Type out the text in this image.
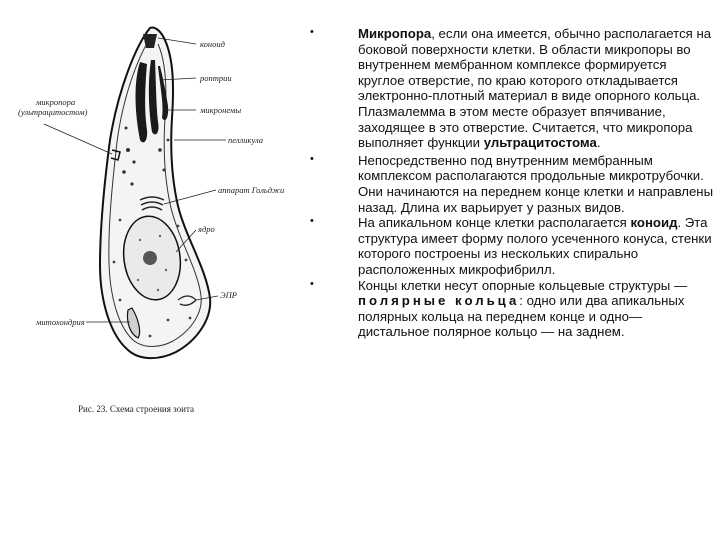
коноид
роптрии
микропора
(ультрацитостом)	микронемы
пелликула
аппарат Гольджи
ядро
ЭПР
митохондрия
Рис. 23. Схема строения зоита
•	Микропора, если она имеется, обычно располагается на боковой поверхности клетки. В области микропоры во внутреннем мембранном комплексе формируется круглое отверстие, по краю которого откладывается электронно-плотный материал в виде опорного кольца. Плазмалемма в этом месте образует впячивание, заходящее в это отверстие. Считается, что микропора выполняет функции ультрацитостома.
•	Непосредственно под внутренним мембранным комплексом располагаются продольные микротрубочки. Они начинаются на переднем конце клетки и направлены назад. Длина их варьирует у разных видов.
•	На апикальном конце клетки располагается коноид. Эта структура имеет форму полого усеченного конуса, стенки которого построены из нескольких спирально расположенных микрофибрилл.
•	Концы клетки несут опорные кольцевые структуры — полярные кольца: одно или два апикальных полярных кольца на переднем конце и одно— дистальное полярное кольцо — на заднем.
